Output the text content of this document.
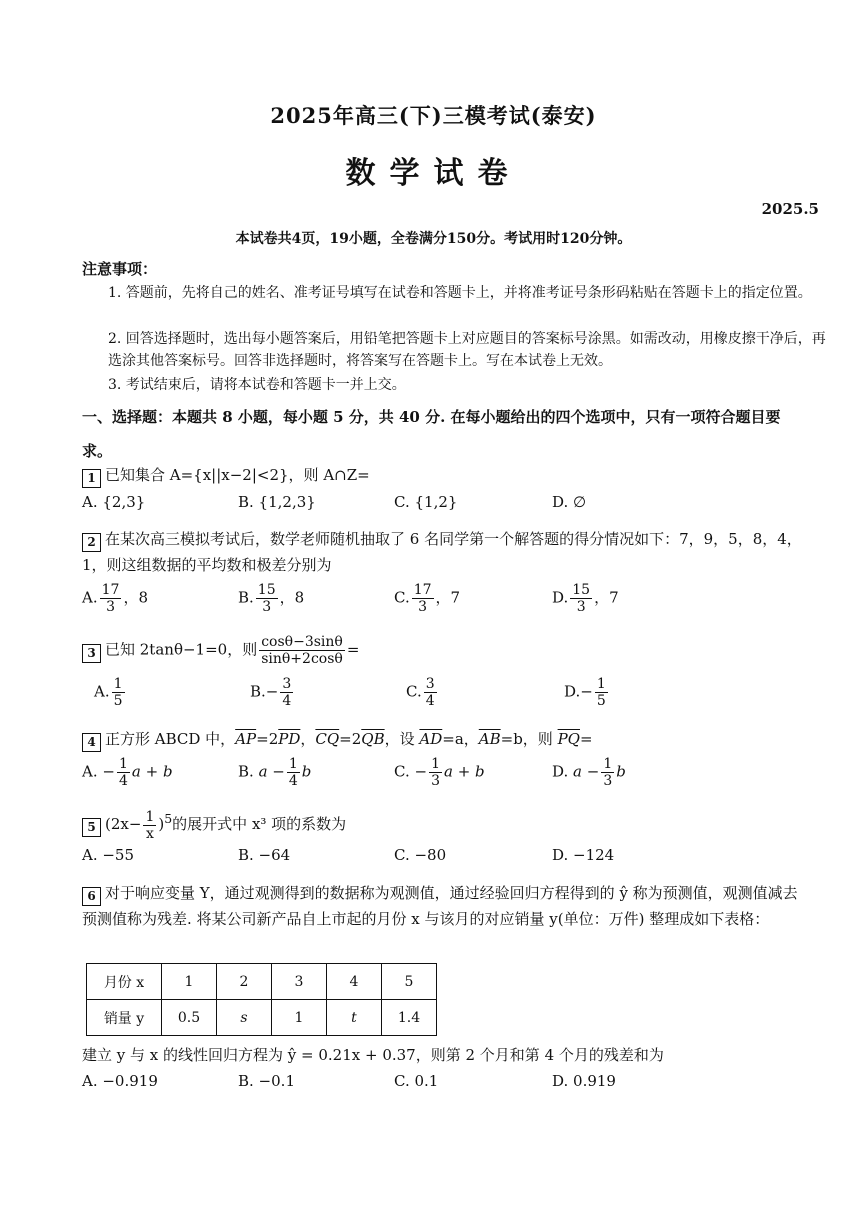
2025年高三(下)三模考试(泰安)
数学试卷
2025.5
本试卷共4页，19小题，全卷满分150分。考试用时120分钟。
注意事项：
1. 答题前，先将自己的姓名、准考证号填写在试卷和答题卡上，并将准考证号条形码粘贴在答题卡上的指定位置。
2. 回答选择题时，选出每小题答案后，用铅笔把答题卡上对应题目的答案标号涂黑。如需改动，用橡皮擦干净后，再选涂其他答案标号。回答非选择题时，将答案写在答题卡上。写在本试卷上无效。
3. 考试结束后，请将本试卷和答题卡一并上交。
一、选择题：本题共 8 小题，每小题 5 分，共 40 分. 在每小题给出的四个选项中，只有一项符合题目要求。
1 已知集合 A={x||x−2|<2}，则 A∩Z=
A. {2,3}	B. {1,2,3}	C. {1,2}	D. ∅
2 在某次高三模拟考试后，数学老师随机抽取了 6 名同学第一个解答题的得分情况如下：7，9，5，8，4，1，则这组数据的平均数和极差分别为
A. $\frac{17}{3}$ ，8	B. $\frac{15}{3}$ ，8	C. $\frac{17}{3}$ ，7	D. $\frac{15}{3}$ ，7
3 已知 2tanθ−1=0，则 $\frac{\cos\theta-3\sin\theta}{\sin\theta+2\cos\theta}$ =
A. $\frac{1}{5}$	$B.- \frac{3}{4}$	C. $\frac{3}{4}$	$D.- \frac{1}{5}$
4 正方形 ABCD 中，$\overline{AP}=2\overline{PD}$，$\overline{CQ}=2\overline{QB}$，设 $\overline{AD}=a$，$\overline{AB}=b$，则 $\overline{PQ}=$
A. − $\frac{1}{4}$ a + b	B. $a - \frac{1}{4}$ b	C. − $\frac{1}{3}$ a + b	D. $a - \frac{1}{3}$ b
5 $(2x- \frac{1}{x} )^5$的展开式中 x³ 项的系数为
A. −55	B. −64	C. −80	D. −124
6 对于响应变量 Y，通过观测得到的数据称为观测值，通过经验回归方程得到的 ŷ 称为预测值，观测值减去预测值称为残差. 将某公司新产品自上市起的月份 x 与该月的对应销量 y(单位：万件) 整理成如下表格：
月份 x	1	2	3	4	5
销量 y	0.5	s	1	t	1.4
建立 y 与 x 的线性回归方程为 ŷ = 0.21x + 0.37，则第 2 个月和第 4 个月的残差和为
A. −0.919	B. −0.1	C. 0.1	D. 0.919
